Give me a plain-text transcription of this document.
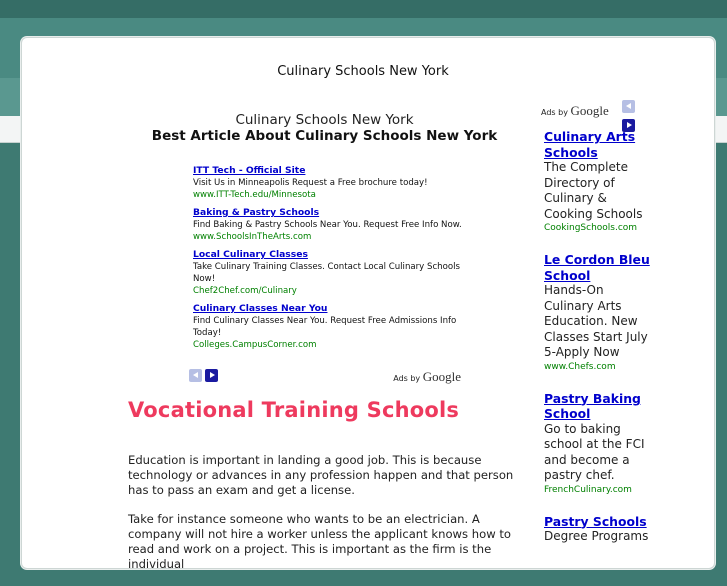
Culinary Schools New York
Culinary Schools New York
Best Article About Culinary Schools New York
ITT Tech - Official Site
Visit Us in Minneapolis Request a Free brochure today!
www.ITT-Tech.edu/Minnesota
Baking & Pastry Schools
Find Baking & Pastry Schools Near You. Request Free Info Now.
www.SchoolsInTheArts.com
Local Culinary Classes
Take Culinary Training Classes. Contact Local Culinary Schools Now!
Chef2Chef.com/Culinary
Culinary Classes Near You
Find Culinary Classes Near You. Request Free Admissions Info Today!
Colleges.CampusCorner.com
Ads by Google
Vocational Training Schools

Education is important in landing a good job. This is because technology or advances in any profession happen and that person has to pass an exam and get a license.

Take for instance someone who wants to be an electrician. A company will not hire a worker unless the applicant knows how to read and work on a project. This is important as the firm is the individual

Ads by Google
Culinary Arts Schools
The Complete Directory of Culinary & Cooking Schools
CookingSchools.com
Le Cordon Bleu School
Hands-On Culinary Arts Education. New Classes Start July 5-Apply Now
www.Chefs.com
Pastry Baking School
Go to baking school at the FCI and become a pastry chef.
FrenchCulinary.com
Pastry Schools
Degree Programs
